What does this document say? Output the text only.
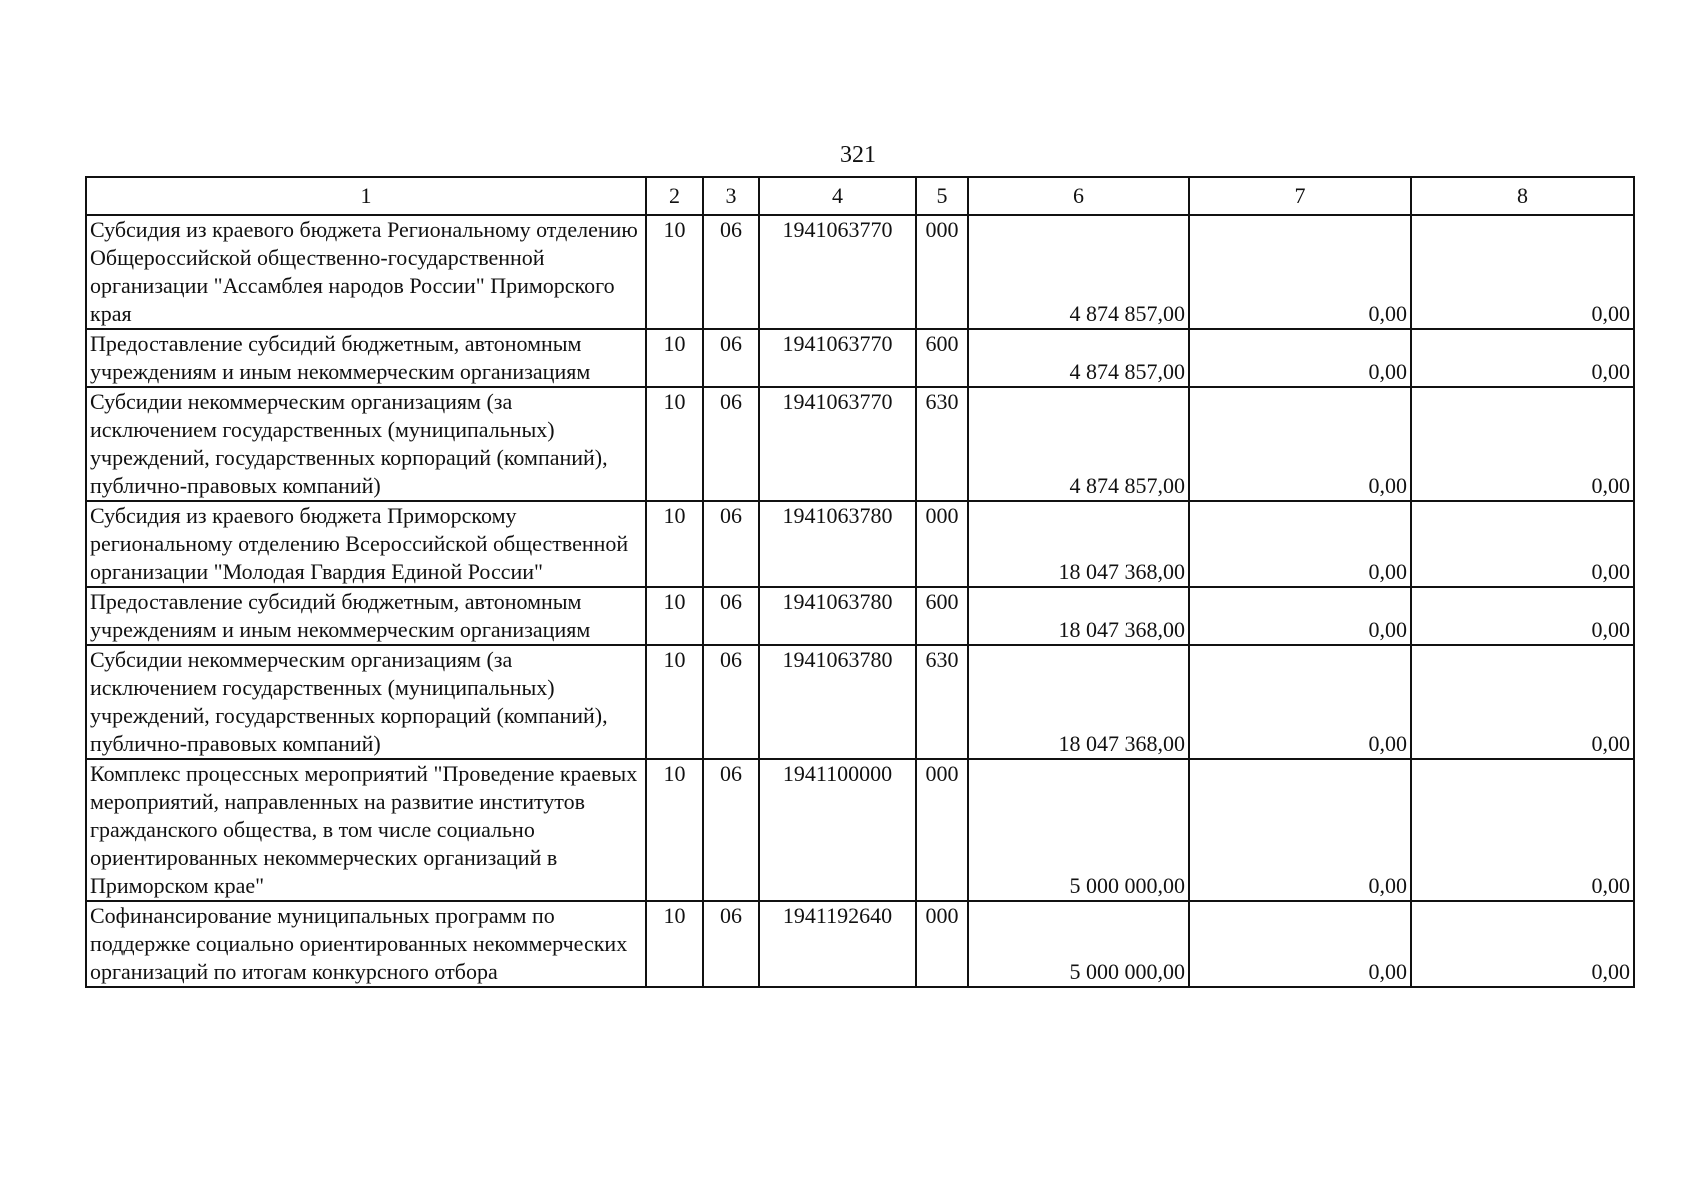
321
1	2	3	4	5	6	7	8
Субсидия из краевого бюджета Региональному отделению Общероссийской общественно-государственной организации "Ассамблея народов России" Приморского края	10	06	1941063770	000	4 874 857,00	0,00	0,00
Предоставление субсидий бюджетным, автономным учреждениям и иным некоммерческим организациям	10	06	1941063770	600	4 874 857,00	0,00	0,00
Субсидии некоммерческим организациям (за исключением государственных (муниципальных) учреждений, государственных корпораций (компаний), публично-правовых компаний)	10	06	1941063770	630	4 874 857,00	0,00	0,00
Субсидия из краевого бюджета Приморскому региональному отделению Всероссийской общественной организации "Молодая Гвардия Единой России"	10	06	1941063780	000	18 047 368,00	0,00	0,00
Предоставление субсидий бюджетным, автономным учреждениям и иным некоммерческим организациям	10	06	1941063780	600	18 047 368,00	0,00	0,00
Субсидии некоммерческим организациям (за исключением государственных (муниципальных) учреждений, государственных корпораций (компаний), публично-правовых компаний)	10	06	1941063780	630	18 047 368,00	0,00	0,00
Комплекс процессных мероприятий "Проведение краевых мероприятий, направленных на развитие институтов гражданского общества, в том числе социально ориентированных некоммерческих организаций в Приморском крае"	10	06	1941100000	000	5 000 000,00	0,00	0,00
Софинансирование муниципальных программ по поддержке социально ориентированных некоммерческих организаций по итогам конкурсного отбора	10	06	1941192640	000	5 000 000,00	0,00	0,00
